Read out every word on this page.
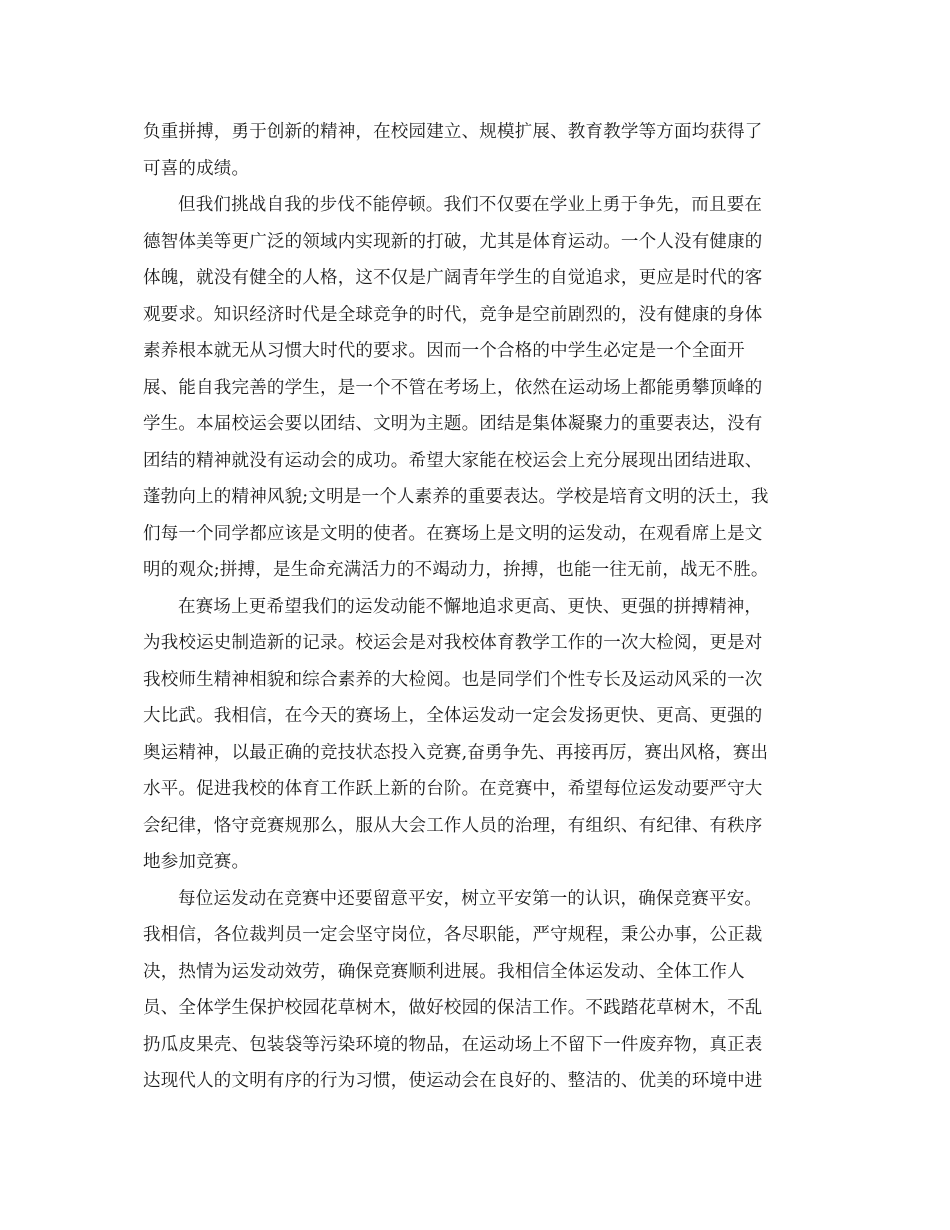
负重拼搏，勇于创新的精神，在校园建立、规模扩展、教育教学等方面均获得了
可喜的成绩。
但我们挑战自我的步伐不能停顿。我们不仅要在学业上勇于争先，而且要在
德智体美等更广泛的领域内实现新的打破，尤其是体育运动。一个人没有健康的
体魄，就没有健全的人格，这不仅是广阔青年学生的自觉追求，更应是时代的客
观要求。知识经济时代是全球竞争的时代，竞争是空前剧烈的，没有健康的身体
素养根本就无从习惯大时代的要求。因而一个合格的中学生必定是一个全面开
展、能自我完善的学生，是一个不管在考场上，依然在运动场上都能勇攀顶峰的
学生。本届校运会要以团结、文明为主题。团结是集体凝聚力的重要表达，没有
团结的精神就没有运动会的成功。希望大家能在校运会上充分展现出团结进取、
蓬勃向上的精神风貌;文明是一个人素养的重要表达。学校是培育文明的沃土，我
们每一个同学都应该是文明的使者。在赛场上是文明的运发动，在观看席上是文
明的观众;拼搏，是生命充满活力的不竭动力，拚搏，也能一往无前，战无不胜。
在赛场上更希望我们的运发动能不懈地追求更高、更快、更强的拼搏精神，
为我校运史制造新的记录。校运会是对我校体育教学工作的一次大检阅，更是对
我校师生精神相貌和综合素养的大检阅。也是同学们个性专长及运动风采的一次
大比武。我相信，在今天的赛场上，全体运发动一定会发扬更快、更高、更强的
奥运精神，以最正确的竞技状态投入竞赛,奋勇争先、再接再厉，赛出风格，赛出
水平。促进我校的体育工作跃上新的台阶。在竞赛中，希望每位运发动要严守大
会纪律，恪守竞赛规那么，服从大会工作人员的治理，有组织、有纪律、有秩序
地参加竞赛。
每位运发动在竞赛中还要留意平安，树立平安第一的认识，确保竞赛平安。
我相信，各位裁判员一定会坚守岗位，各尽职能，严守规程，秉公办事，公正裁
决，热情为运发动效劳，确保竞赛顺利进展。我相信全体运发动、全体工作人
员、全体学生保护校园花草树木，做好校园的保洁工作。不践踏花草树木，不乱
扔瓜皮果壳、包装袋等污染环境的物品，在运动场上不留下一件废弃物，真正表
达现代人的文明有序的行为习惯，使运动会在良好的、整洁的、优美的环境中进
